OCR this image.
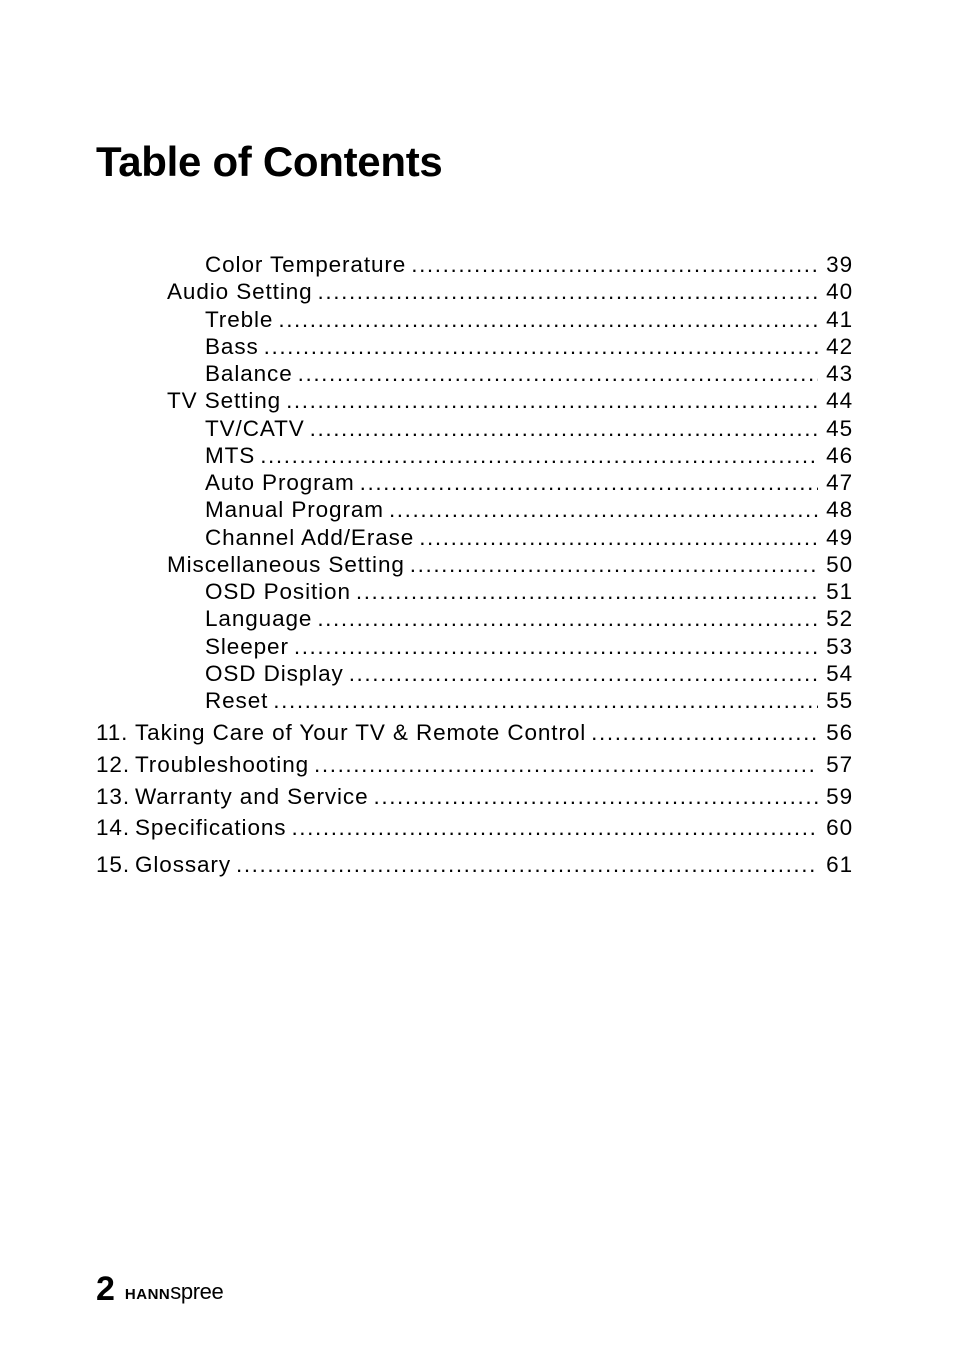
Table of Contents
Color Temperature .....	39
Audio Setting .....	40
Treble .....	41
Bass .....	42
Balance .....	43
TV Setting .....	44
TV/CATV .....	45
MTS .....	46
Auto Program .....	47
Manual Program .....	48
Channel Add/Erase .....	49
Miscellaneous Setting .....	50
OSD Position .....	51
Language .....	52
Sleeper .....	53
OSD Display .....	54
Reset .....	55
11. Taking Care of Your TV & Remote Control .....	56
12. Troubleshooting .....	57
13. Warranty and Service .....	59
14. Specifications .....	60
15. Glossary .....	61
2 HANNspree
